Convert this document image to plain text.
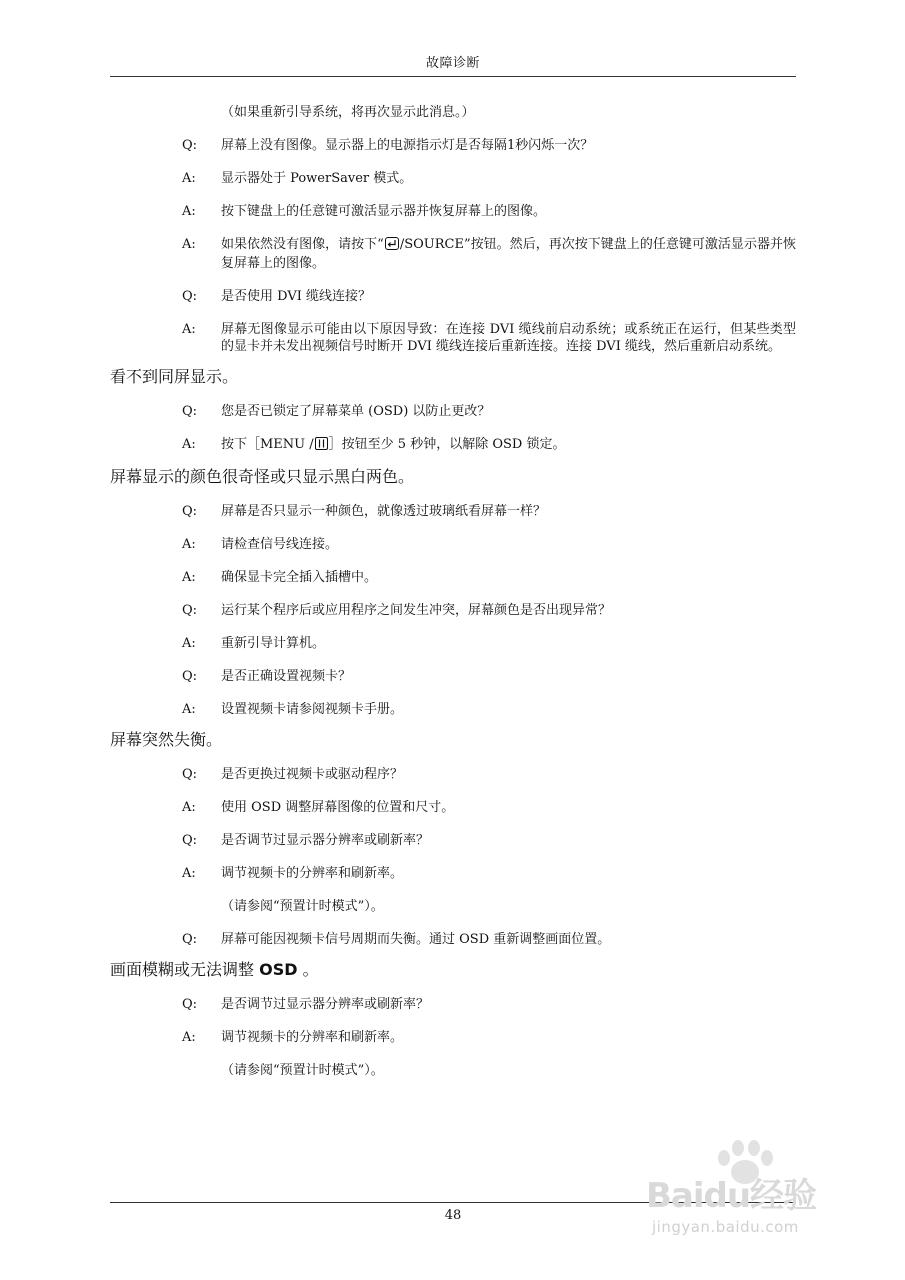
故障诊断
（如果重新引导系统，将再次显示此消息。）
Q:	屏幕上没有图像。显示器上的电源指示灯是否每隔1秒闪烁一次？
A:	显示器处于 PowerSaver 模式。
A:	按下键盘上的任意键可激活显示器并恢复屏幕上的图像。
A:	如果依然没有图像，请按下“ /SOURCE”按钮。然后，再次按下键盘上的任意键可激活显示器并恢复屏幕上的图像。
Q:	是否使用 DVI 缆线连接？
A:	屏幕无图像显示可能由以下原因导致：在连接 DVI 缆线前启动系统；或系统正在运行，但某些类型的显卡并未发出视频信号时断开 DVI 缆线连接后重新连接。连接 DVI 缆线，然后重新启动系统。
看不到同屏显示。
Q:	您是否已锁定了屏幕菜单 (OSD) 以防止更改？
A:	按下［MENU / ］按钮至少 5 秒钟，以解除 OSD 锁定。
屏幕显示的颜色很奇怪或只显示黑白两色。
Q:	屏幕是否只显示一种颜色，就像透过玻璃纸看屏幕一样？
A:	请检查信号线连接。
A:	确保显卡完全插入插槽中。
Q:	运行某个程序后或应用程序之间发生冲突，屏幕颜色是否出现异常？
A:	重新引导计算机。
Q:	是否正确设置视频卡？
A:	设置视频卡请参阅视频卡手册。
屏幕突然失衡。
Q:	是否更换过视频卡或驱动程序？
A:	使用 OSD 调整屏幕图像的位置和尺寸。
Q:	是否调节过显示器分辨率或刷新率？
A:	调节视频卡的分辨率和刷新率。
（请参阅“预置计时模式”）。
Q:	屏幕可能因视频卡信号周期而失衡。通过 OSD 重新调整画面位置。
画面模糊或无法调整 OSD 。
Q:	是否调节过显示器分辨率或刷新率？
A:	调节视频卡的分辨率和刷新率。
（请参阅“预置计时模式”）。
48	Baidu经验
jingyan.baidu.com
